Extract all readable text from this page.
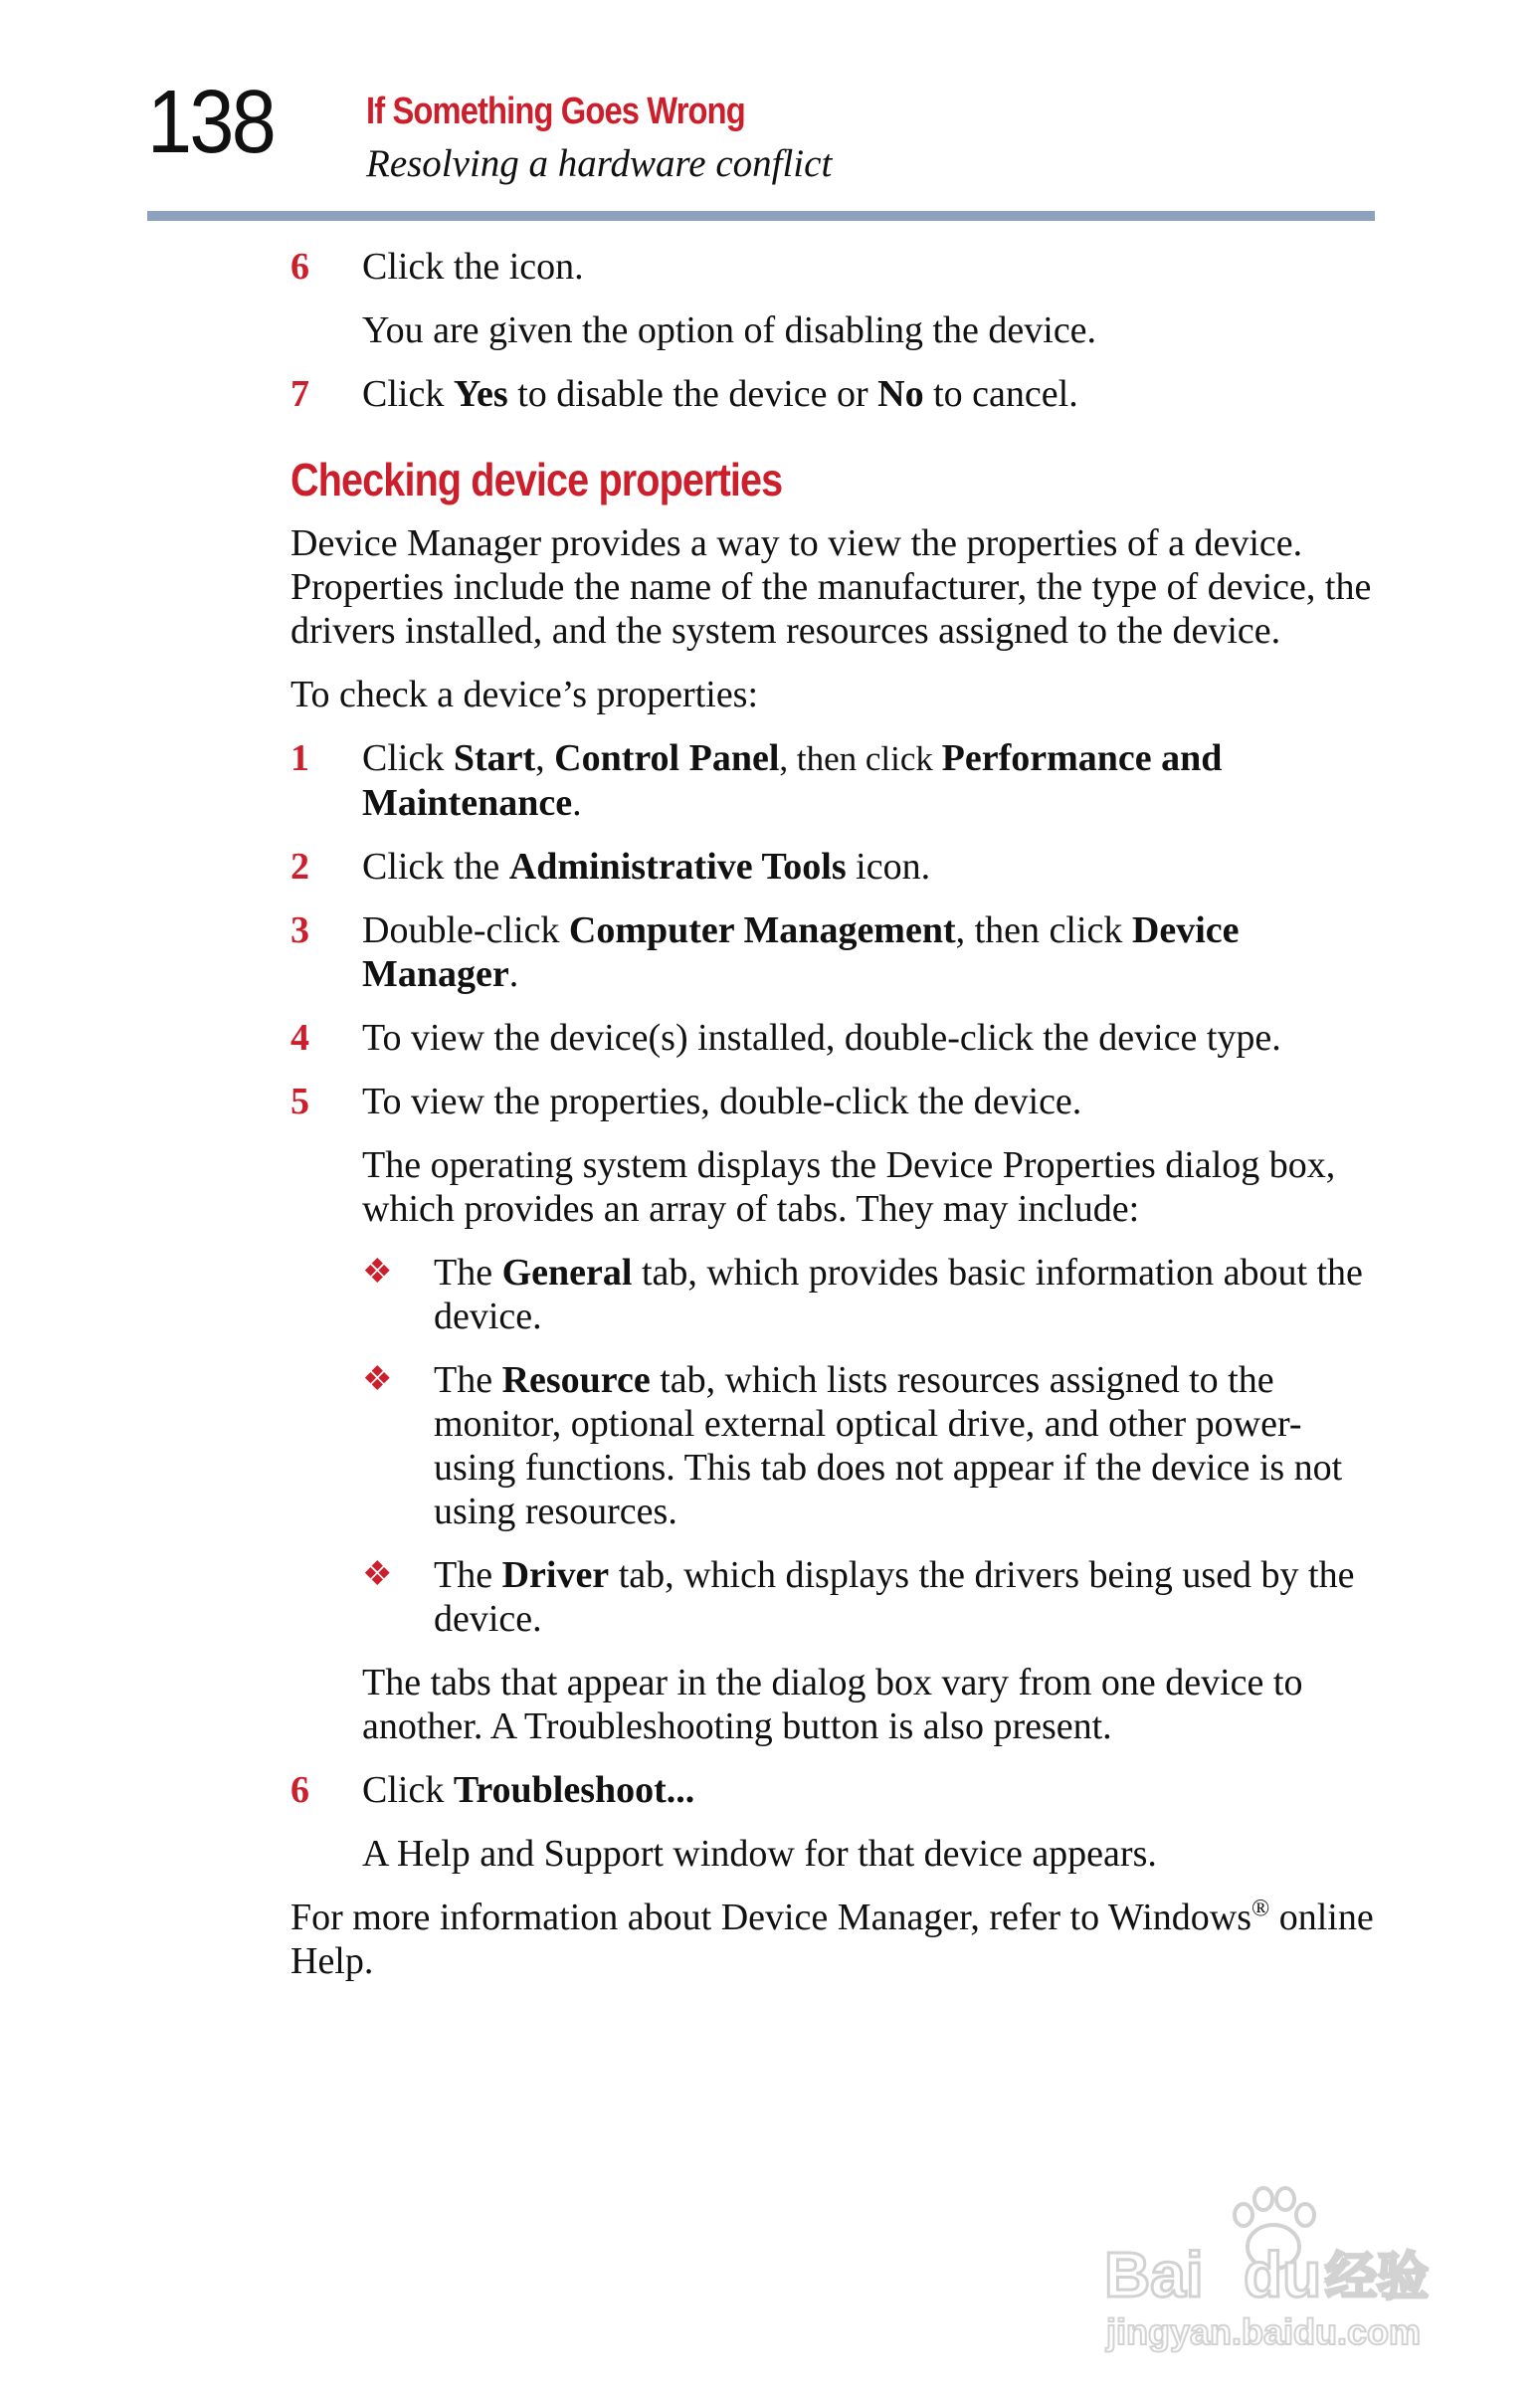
138 If Something Goes Wrong

Resolving a hardware conflict

6 Click the icon.

You are given the option of disabling the device.

7 Click Yes to disable the device or No to cancel.
Checking device properties

Device Manager provides a way to view the properties of a device. Properties include the name of the manufacturer, the type of device, the drivers installed, and the system resources assigned to the device.

To check a device’s properties:

1 Click Start, Control Panel, then click Performance and Maintenance.
2 Click the Administrative Tools icon.
3 Double-click Computer Management, then click Device Manager.
4 To view the device(s) installed, double-click the device type.
5 To view the properties, double-click the device.

The operating system displays the Device Properties dialog box, which provides an array of tabs. They may include:

❖ The General tab, which provides basic information about the device.
❖ The Resource tab, which lists resources assigned to the monitor, optional external optical drive, and other power-using functions. This tab does not appear if the device is not using resources.
❖ The Driver tab, which displays the drivers being used by the device.

The tabs that appear in the dialog box vary from one device to another. A Troubleshooting button is also present.

6 Click Troubleshoot...

A Help and Support window for that device appears.

For more information about Device Manager, refer to Windows® online Help.

Bai du 经验
jingyan.baidu.com
